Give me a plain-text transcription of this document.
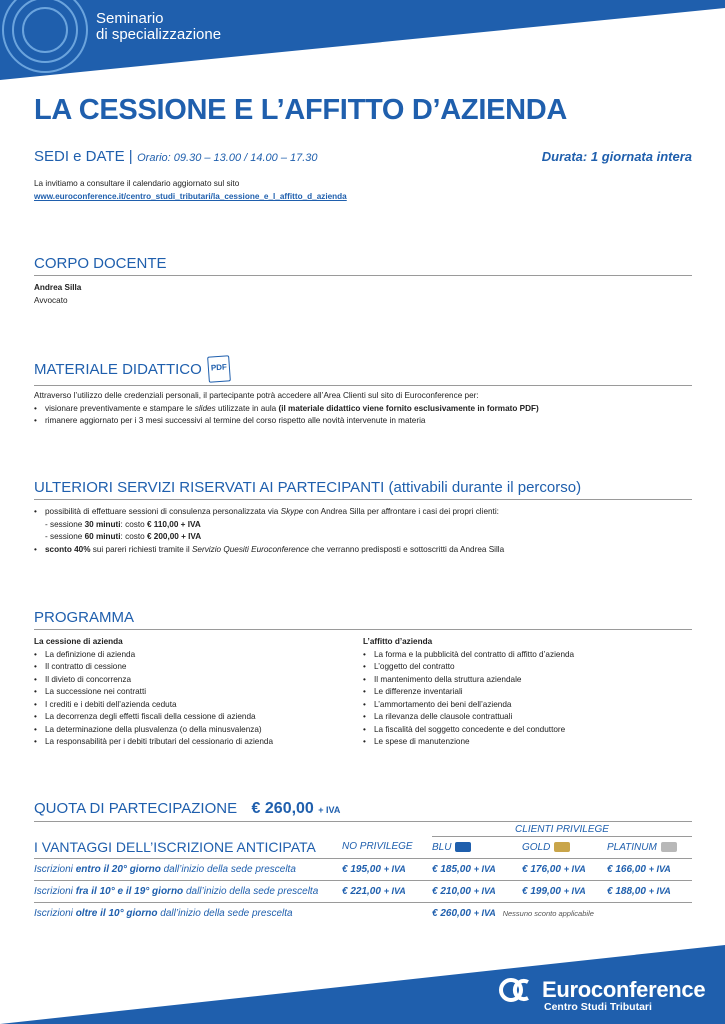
Seminario
di specializzazione
LA CESSIONE E L’AFFITTO D’AZIENDA
SEDI e DATE | Orario: 09.30 – 13.00 / 14.00 – 17.30	Durata: 1 giornata intera
La invitiamo a consultare il calendario aggiornato sul sito
www.euroconference.it/centro_studi_tributari/la_cessione_e_l_affitto_d_azienda
CORPO DOCENTE
Andrea Silla
Avvocato
MATERIALE DIDATTICO	PDF
Attraverso l’utilizzo delle credenziali personali, il partecipante potrà accedere all’Area Clienti sul sito di Euroconference per:
• visionare preventivamente e stampare le slides utilizzate in aula (il materiale didattico viene fornito esclusivamente in formato PDF)
• rimanere aggiornato per i 3 mesi successivi al termine del corso rispetto alle novità intervenute in materia
ULTERIORI SERVIZI RISERVATI AI PARTECIPANTI (attivabili durante il percorso)
• possibilità di effettuare sessioni di consulenza personalizzata via Skype con Andrea Silla per affrontare i casi dei propri clienti:
- sessione 30 minuti: costo € 110,00 + IVA
- sessione 60 minuti: costo € 200,00 + IVA
• sconto 40% sui pareri richiesti tramite il Servizio Quesiti Euroconference che verranno predisposti e sottoscritti da Andrea Silla
PROGRAMMA
La cessione di azienda
• La definizione di azienda
• Il contratto di cessione
• Il divieto di concorrenza
• La successione nei contratti
• I crediti e i debiti dell’azienda ceduta
• La decorrenza degli effetti fiscali della cessione di azienda
• La determinazione della plusvalenza (o della minusvalenza)
• La responsabilità per i debiti tributari del cessionario di azienda
L’affitto d’azienda
• La forma e la pubblicità del contratto di affitto d’azienda
• L’oggetto del contratto
• Il mantenimento della struttura aziendale
• Le differenze inventariali
• L’ammortamento dei beni dell’azienda
• La rilevanza delle clausole contrattuali
• La fiscalità del soggetto concedente e del conduttore
• Le spese di manutenzione
QUOTA DI PARTECIPAZIONE € 260,00 + IVA
		CLIENTI PRIVILEGE		
I VANTAGGI DELL’ISCRIZIONE ANTICIPATA	NO PRIVILEGE	BLU	GOLD	PLATINUM
Iscrizioni entro il 20° giorno dall’inizio della sede prescelta	€ 195,00 + IVA	€ 185,00 + IVA	€ 176,00 + IVA	€ 166,00 + IVA
Iscrizioni fra il 10° e il 19° giorno dall’inizio della sede prescelta	€ 221,00 + IVA	€ 210,00 + IVA	€ 199,00 + IVA	€ 188,00 + IVA
Iscrizioni oltre il 10° giorno dall’inizio della sede prescelta		€ 260,00 + IVA Nessuno sconto applicabile		
Euroconference
Centro Studi Tributari
